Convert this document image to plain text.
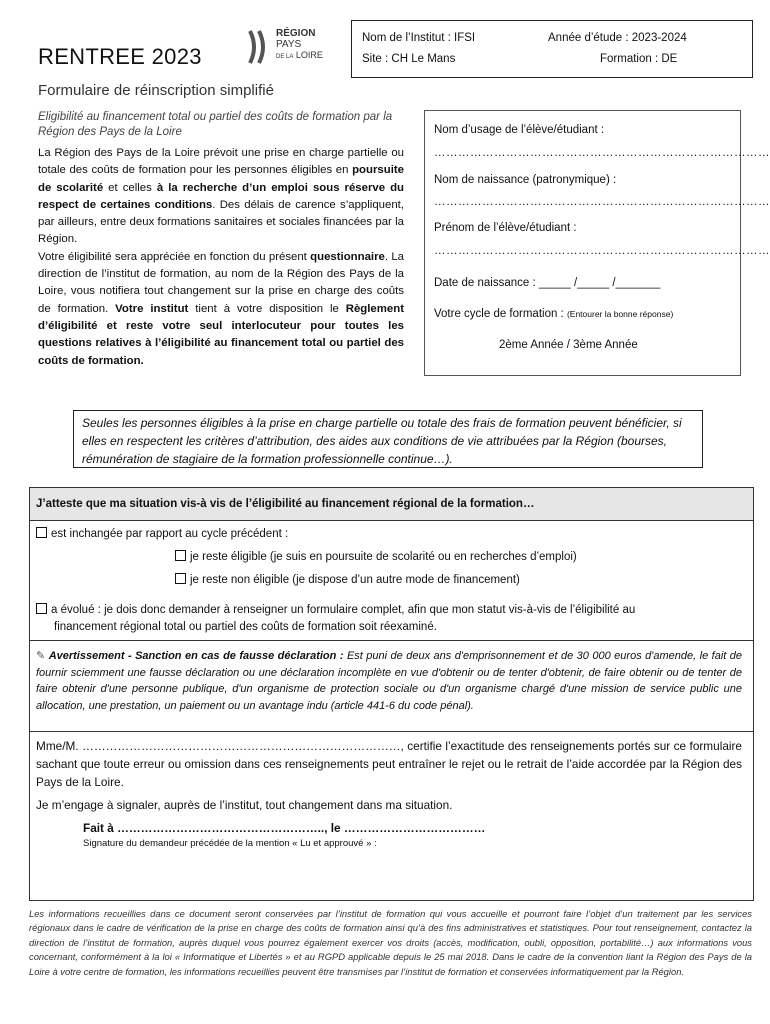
RENTREE 2023
Formulaire de réinscription simplifié
RÉGION
PAYS
DE LA LOIRE
Nom de l’Institut : IFSI	Année d’étude : 2023-2024
Site : CH Le Mans	Formation : DE
Eligibilité au financement total ou partiel des coûts de formation par la Région des Pays de la Loire
La Région des Pays de la Loire prévoit une prise en charge partielle ou totale des coûts de formation pour les personnes éligibles en poursuite de scolarité et celles à la recherche d’un emploi sous réserve du respect de certaines conditions. Des délais de carence s’appliquent, par ailleurs, entre deux formations sanitaires et sociales financées par la Région.
Votre éligibilité sera appréciée en fonction du présent questionnaire. La direction de l’institut de formation, au nom de la Région des Pays de la Loire, vous notifiera tout changement sur la prise en charge des coûts de formation. Votre institut tient à votre disposition le Règlement d’éligibilité et reste votre seul interlocuteur pour toutes les questions relatives à l’éligibilité au financement total ou partiel des coûts de formation.
Nom d’usage de l’élève/étudiant :
…………………………………………………………………………
Nom de naissance (patronymique) :
…………………………………………………………………………
Prénom de l’élève/étudiant :
…………………………………………………………………………
Date de naissance : _____ /_____ /_______
Votre cycle de formation : (Entourer la bonne réponse)
2ème Année / 3ème Année
Seules les personnes éligibles à la prise en charge partielle ou totale des frais de formation peuvent bénéficier, si elles en respectent les critères d’attribution, des aides aux conditions de vie attribuées par la Région (bourses, rémunération de stagiaire de la formation professionnelle continue…).
J’atteste que ma situation vis-à vis de l’éligibilité au financement régional de la formation…
est inchangée par rapport au cycle précédent :
je reste éligible (je suis en poursuite de scolarité ou en recherches d’emploi)
je reste non éligible (je dispose d’un autre mode de financement)
a évolué : je dois donc demander à renseigner un formulaire complet, afin que mon statut vis-à-vis de l’éligibilité au
financement régional total ou partiel des coûts de formation soit réexaminé.
✎ Avertissement - Sanction en cas de fausse déclaration : Est puni de deux ans d'emprisonnement et de 30 000 euros d'amende, le fait de fournir sciemment une fausse déclaration ou une déclaration incomplète en vue d'obtenir ou de tenter d'obtenir, de faire obtenir ou de tenter de faire obtenir d'une personne publique, d'un organisme de protection sociale ou d'un organisme chargé d'une mission de service public une allocation, une prestation, un paiement ou un avantage indu (article 441-6 du code pénal).
Mme/M. ………………………………………………………………………, certifie l’exactitude des renseignements portés sur ce formulaire sachant que toute erreur ou omission dans ces renseignements peut entraîner le rejet ou le retrait de l’aide accordée par la Région des Pays de la Loire.
Je m’engage à signaler, auprès de l’institut, tout changement dans ma situation.
Fait à …………………………………………….., le ………………………………
Signature du demandeur précédée de la mention « Lu et approuvé » :
Les informations recueillies dans ce document seront conservées par l’institut de formation qui vous accueille et pourront faire l’objet d’un traitement par les services régionaux dans le cadre de vérification de la prise en charge des coûts de formation ainsi qu’à des fins administratives et statistiques. Pour tout renseignement, contactez la direction de l’institut de formation, auprès duquel vous pourrez également exercer vos droits (accès, modification, oubli, opposition, portabilité…) aux informations vous concernant, conformément à la loi « Informatique et Libertés » et au RGPD applicable depuis le 25 mai 2018. Dans le cadre de la convention liant la Région des Pays de la Loire à votre centre de formation, les informations recueillies peuvent être transmises par l’institut de formation et conservées informatiquement par la Région.
